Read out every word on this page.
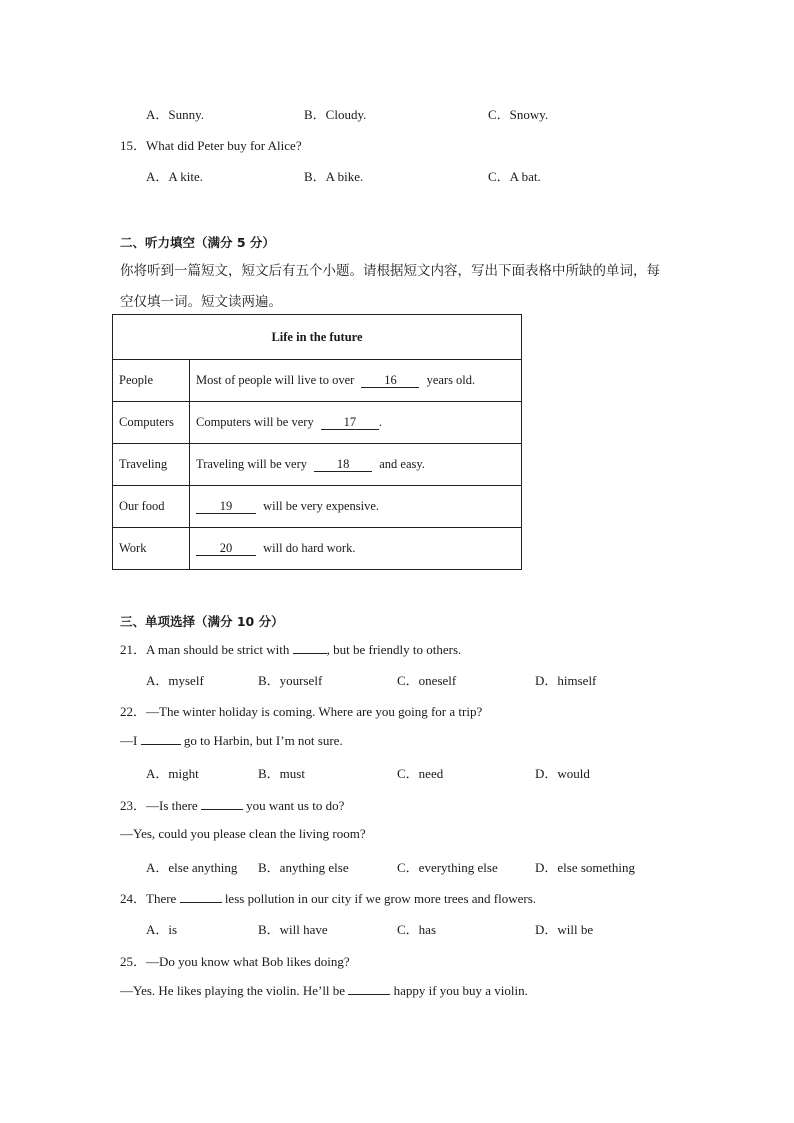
A．Sunny.	B．Cloudy.	C．Snowy.
15．What did Peter buy for Alice?
A．A kite.	B．A bike.	C．A bat.
二、听力填空（满分 5 分）
你将听到一篇短文，短文后有五个小题。请根据短文内容，写出下面表格中所缺的单词，每
空仅填一词。短文读两遍。
Life in the future	
People	Most of people will live to over 16 years old.
Computers	Computers will be very 17 .
Traveling	Traveling will be very 18 and easy.
Our food	19 will be very expensive.
Work	20 will do hard work.
三、单项选择（满分 10 分）
21．A man should be strict with	, but be friendly to others.
A．myself	B．yourself	C．oneself	D．himself
22．—The winter holiday is coming. Where are you going for a trip?
—I	go to Harbin, but I’m not sure.
A．might	B．must	C．need	D．would
23．—Is there	you want us to do?
—Yes, could you please clean the living room?
A．else anything B．anything else	C．everything else	D．else something
24．There	less pollution in our city if we grow more trees and flowers.
A．is	B．will have	C．has	D．will be
25．—Do you know what Bob likes doing?
—Yes. He likes playing the violin. He’ll be	happy if you buy a violin.
